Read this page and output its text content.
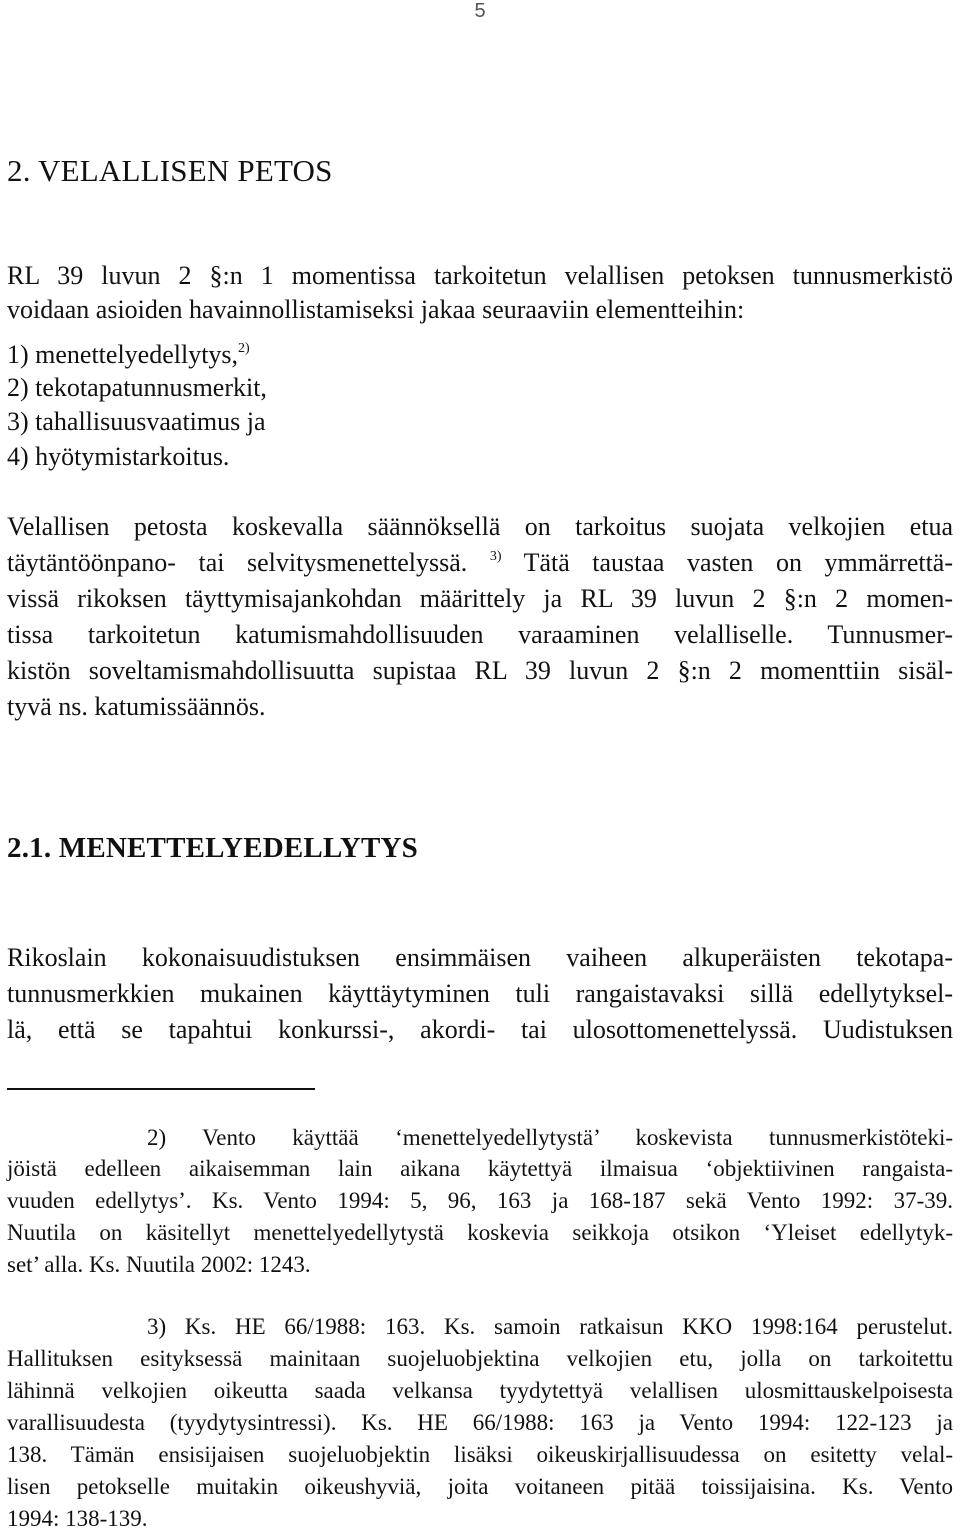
5
2. VELALLISEN PETOS
RL 39 luvun 2 §:n 1 momentissa tarkoitetun velallisen petoksen tunnusmerkistö
voidaan asioiden havainnollistamiseksi jakaa seuraaviin elementteihin:
1) menettelyedellytys,$^{2)}$
2) tekotapatunnusmerkit,
3) tahallisuusvaatimus ja
4) hyötymistarkoitus.
Velallisen petosta koskevalla säännöksellä on tarkoitus suojata velkojien etua
täytäntöönpano- tai selvitysmenettelyssä. $^{3)}$ Tätä taustaa vasten on ymmärrettä-
vissä rikoksen täyttymisajankohdan määrittely ja RL 39 luvun 2 §:n 2 momen-
tissa tarkoitetun katumismahdollisuuden varaaminen velalliselle. Tunnusmer-
kistön soveltamismahdollisuutta supistaa RL 39 luvun 2 §:n 2 momenttiin sisäl-
tyvä ns. katumissäännös.
2.1. MENETTELYEDELLYTYS
Rikoslain kokonaisuudistuksen ensimmäisen vaiheen alkuperäisten tekotapa-
tunnusmerkkien mukainen käyttäytyminen tuli rangaistavaksi sillä edellytyksel-
lä, että se tapahtui konkurssi-, akordi- tai ulosottomenettelyssä. Uudistuksen
2) Vento käyttää ‘menettelyedellytystä’ koskevista tunnusmerkistöteki-
jöistä edelleen aikaisemman lain aikana käytettyä ilmaisua ‘objektiivinen rangaista-
vuuden edellytys’. Ks. Vento 1994: 5, 96, 163 ja 168-187 sekä Vento 1992: 37-39.
Nuutila on käsitellyt menettelyedellytystä koskevia seikkoja otsikon ‘Yleiset edellytyk-
set’ alla. Ks. Nuutila 2002: 1243.
3) Ks. HE 66/1988: 163. Ks. samoin ratkaisun KKO 1998:164 perustelut.
Hallituksen esityksessä mainitaan suojeluobjektina velkojien etu, jolla on tarkoitettu
lähinnä velkojien oikeutta saada velkansa tyydytettyä velallisen ulosmittauskelpoisesta
varallisuudesta (tyydytysintressi). Ks. HE 66/1988: 163 ja Vento 1994: 122-123 ja
138. Tämän ensisijaisen suojeluobjektin lisäksi oikeuskirjallisuudessa on esitetty velal-
lisen petokselle muitakin oikeushyviä, joita voitaneen pitää toissijaisina. Ks. Vento
1994: 138-139.
